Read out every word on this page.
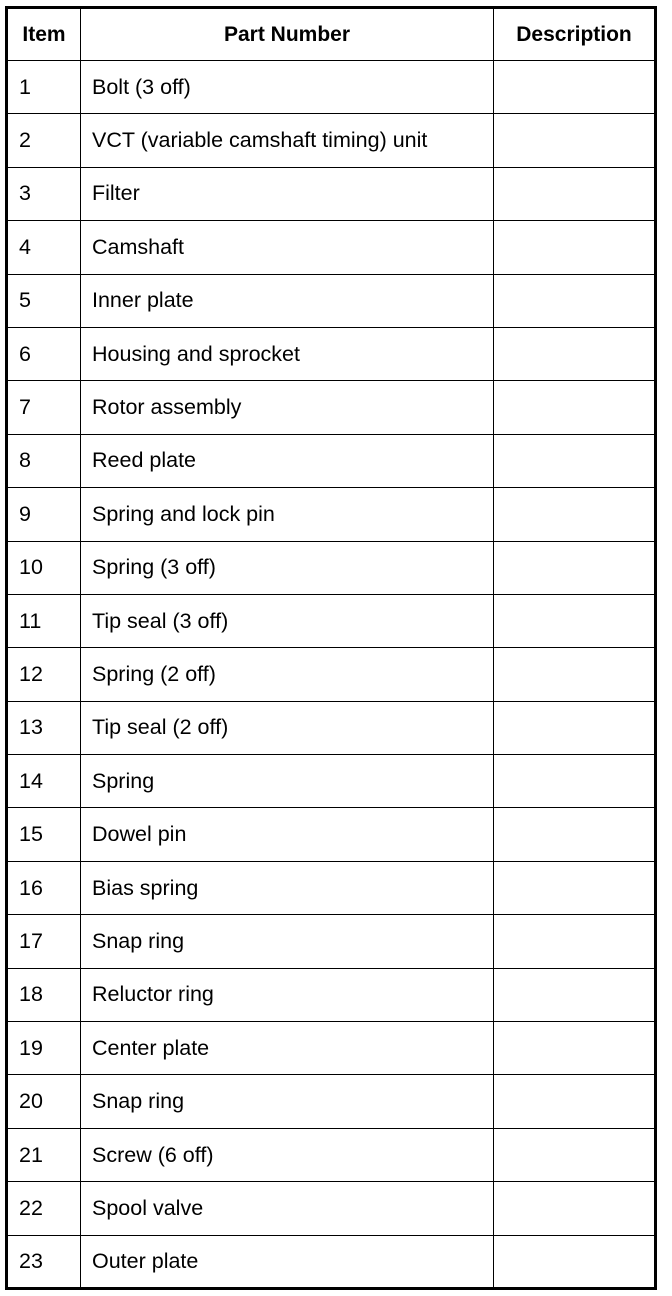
Item	Part Number	Description
1	Bolt (3 off)	
2	VCT (variable camshaft timing) unit	
3	Filter	
4	Camshaft	
5	Inner plate	
6	Housing and sprocket	
7	Rotor assembly	
8	Reed plate	
9	Spring and lock pin	
10	Spring (3 off)	
11	Tip seal (3 off)	
12	Spring (2 off)	
13	Tip seal (2 off)	
14	Spring	
15	Dowel pin	
16	Bias spring	
17	Snap ring	
18	Reluctor ring	
19	Center plate	
20	Snap ring	
21	Screw (6 off)	
22	Spool valve	
23	Outer plate	
